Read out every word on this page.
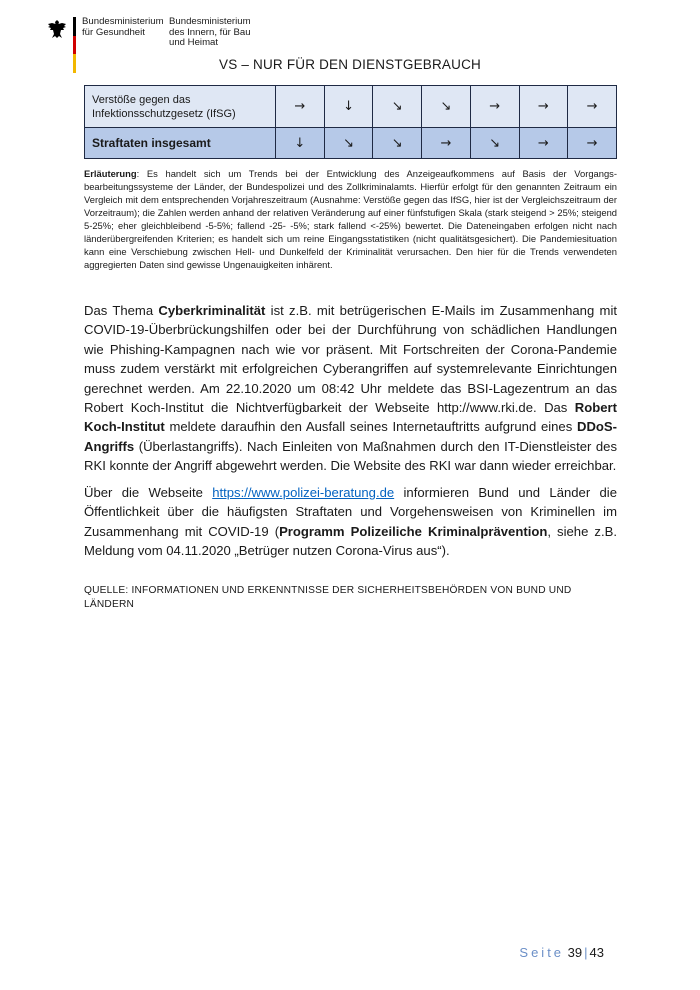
Bundesministerium
für Gesundheit
Bundesministerium
des Innern, für Bau
und Heimat
VS – NUR FÜR DEN DIENSTGEBRAUCH
Verstöße gegen das Infektionsschutzgesetz (IfSG)	→	↓	↘	↘	→	→	→
Straftaten insgesamt	↓	↘	↘	→	↘	→	→

Erläuterung: Es handelt sich um Trends bei der Entwicklung des Anzeigeaufkommens auf Basis der Vorgangs-bearbeitungssysteme der Länder, der Bundespolizei und des Zollkriminalamts. Hierfür erfolgt für den genannten Zeitraum ein Vergleich mit dem entsprechenden Vorjahreszeitraum (Ausnahme: Verstöße gegen das IfSG, hier ist der Vergleichszeitraum der Vorzeitraum); die Zahlen werden anhand der relativen Veränderung auf einer fünfstufigen Skala (stark steigend > 25%; steigend 5-25%; eher gleichbleibend -5-5%; fallend -25- -5%; stark fallend <-25%) bewertet. Die Dateneingaben erfolgen nicht nach länderübergreifenden Kriterien; es handelt sich um reine Eingangsstatistiken (nicht qualitätsgesichert). Die Pandemiesituation kann eine Verschiebung zwischen Hell- und Dunkelfeld der Kriminalität verursachen. Den hier für die Trends verwendeten aggregierten Daten sind gewisse Ungenauigkeiten inhärent.

Das Thema Cyberkriminalität ist z.B. mit betrügerischen E-Mails im Zusammenhang mit COVID-19-Überbrückungshilfen oder bei der Durchführung von schädlichen Handlungen wie Phishing-Kampagnen nach wie vor präsent. Mit Fortschreiten der Corona-Pandemie muss zudem verstärkt mit erfolgreichen Cyberangriffen auf systemrelevante Einrichtungen gerechnet werden. Am 22.10.2020 um 08:42 Uhr meldete das BSI-Lagezentrum an das Robert Koch-Institut die Nichtverfügbarkeit der Webseite http://www.rki.de. Das Robert Koch-Institut meldete daraufhin den Ausfall seines Internetauftritts aufgrund eines DDoS-Angriffs (Überlastangriffs). Nach Einleiten von Maßnahmen durch den IT-Dienstleister des RKI konnte der Angriff abgewehrt werden. Die Website des RKI war dann wieder erreichbar.

Über die Webseite https://www.polizei-beratung.de informieren Bund und Länder die Öffentlichkeit über die häufigsten Straftaten und Vorgehensweisen von Kriminellen im Zusammenhang mit COVID-19 (Programm Polizeiliche Kriminalprävention, siehe z.B. Meldung vom 04.11.2020 „Betrüger nutzen Corona-Virus aus“).

QUELLE: INFORMATIONEN UND ERKENNTNISSE DER SICHERHEITSBEHÖRDEN VON BUND UND LÄNDERN

Seite 39 | 43
